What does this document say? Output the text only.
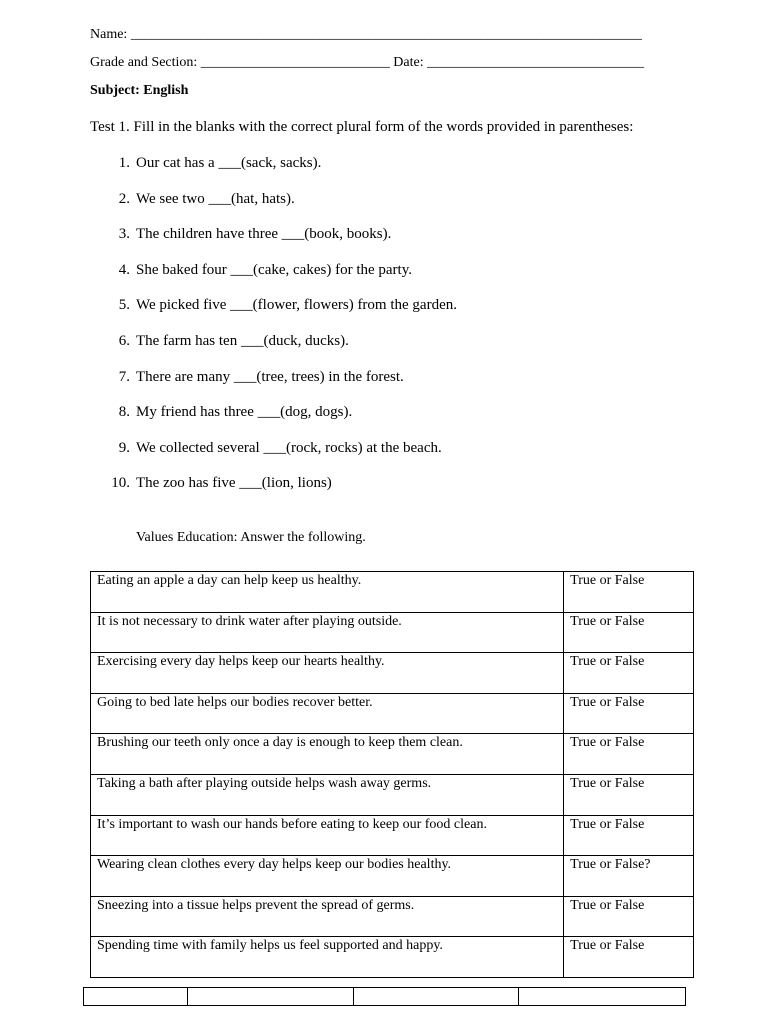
Name: _________________________________________________________________________
Grade and Section: ___________________________ Date: _______________________________
Subject: English
Test 1. Fill in the blanks with the correct plural form of the words provided in parentheses:
1. Our cat has a ___(sack, sacks).
2. We see two ___(hat, hats).
3. The children have three ___(book, books).
4. She baked four ___(cake, cakes) for the party.
5. We picked five ___(flower, flowers) from the garden.
6. The farm has ten ___(duck, ducks).
7. There are many ___(tree, trees) in the forest.
8. My friend has three ___(dog, dogs).
9. We collected several ___(rock, rocks) at the beach.
10. The zoo has five ___(lion, lions)
Values Education: Answer the following.
Eating an apple a day can help keep us healthy.	True or False

It is not necessary to drink water after playing outside.	True or False

Exercising every day helps keep our hearts healthy.	True or False

Going to bed late helps our bodies recover better.	True or False

Brushing our teeth only once a day is enough to keep them clean.	True or False

Taking a bath after playing outside helps wash away germs.	True or False

It’s important to wash our hands before eating to keep our food clean.	True or False

Wearing clean clothes every day helps keep our bodies healthy.	True or False?

Sneezing into a tissue helps prevent the spread of germs.	True or False

Spending time with family helps us feel supported and happy.	True or False
